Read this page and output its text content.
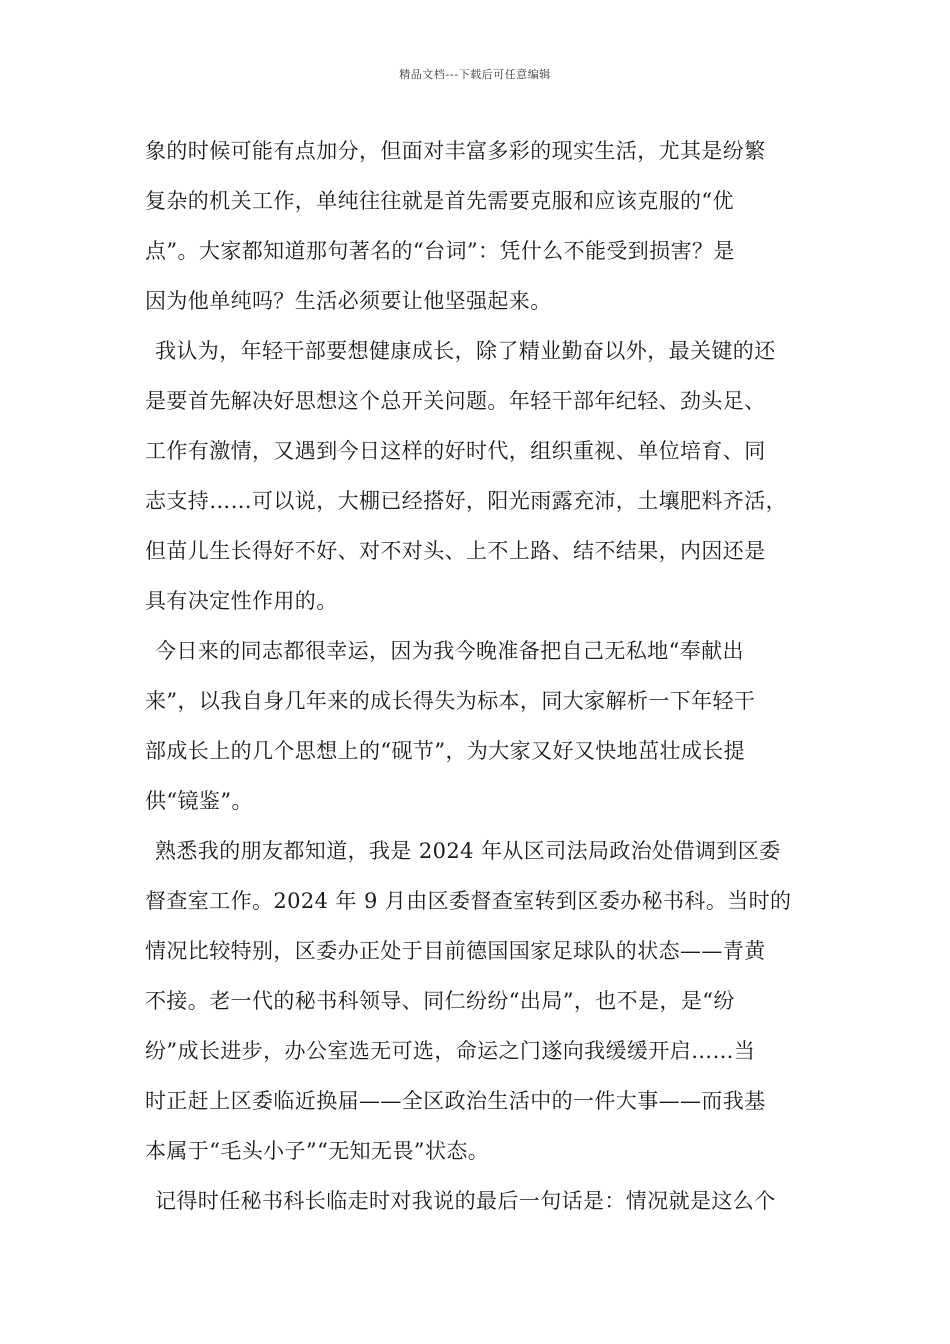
精品文档---下载后可任意编辑
象的时候可能有点加分，但面对丰富多彩的现实生活，尤其是纷繁
复杂的机关工作，单纯往往就是首先需要克服和应该克服的“优
点”。大家都知道那句著名的“台词”：凭什么不能受到损害？是
因为他单纯吗？生活必须要让他坚强起来。
我认为，年轻干部要想健康成长，除了精业勤奋以外，最关键的还
是要首先解决好思想这个总开关问题。年轻干部年纪轻、劲头足、
工作有激情，又遇到今日这样的好时代，组织重视、单位培育、同
志支持……可以说，大棚已经搭好，阳光雨露充沛，土壤肥料齐活，
但苗儿生长得好不好、对不对头、上不上路、结不结果，内因还是
具有决定性作用的。
今日来的同志都很幸运，因为我今晚准备把自己无私地“奉献出
来”，以我自身几年来的成长得失为标本，同大家解析一下年轻干
部成长上的几个思想上的“砚节”，为大家又好又快地茁壮成长提
供“镜鉴”。
熟悉我的朋友都知道，我是 2024 年从区司法局政治处借调到区委
督查室工作。2024 年 9 月由区委督查室转到区委办秘书科。当时的
情况比较特别，区委办正处于目前德国国家足球队的状态——青黄
不接。老一代的秘书科领导、同仁纷纷“出局”，也不是，是“纷
纷”成长进步，办公室选无可选，命运之门遂向我缓缓开启……当
时正赶上区委临近换届——全区政治生活中的一件大事——而我基
本属于“毛头小子”“无知无畏”状态。
记得时任秘书科长临走时对我说的最后一句话是：情况就是这么个
